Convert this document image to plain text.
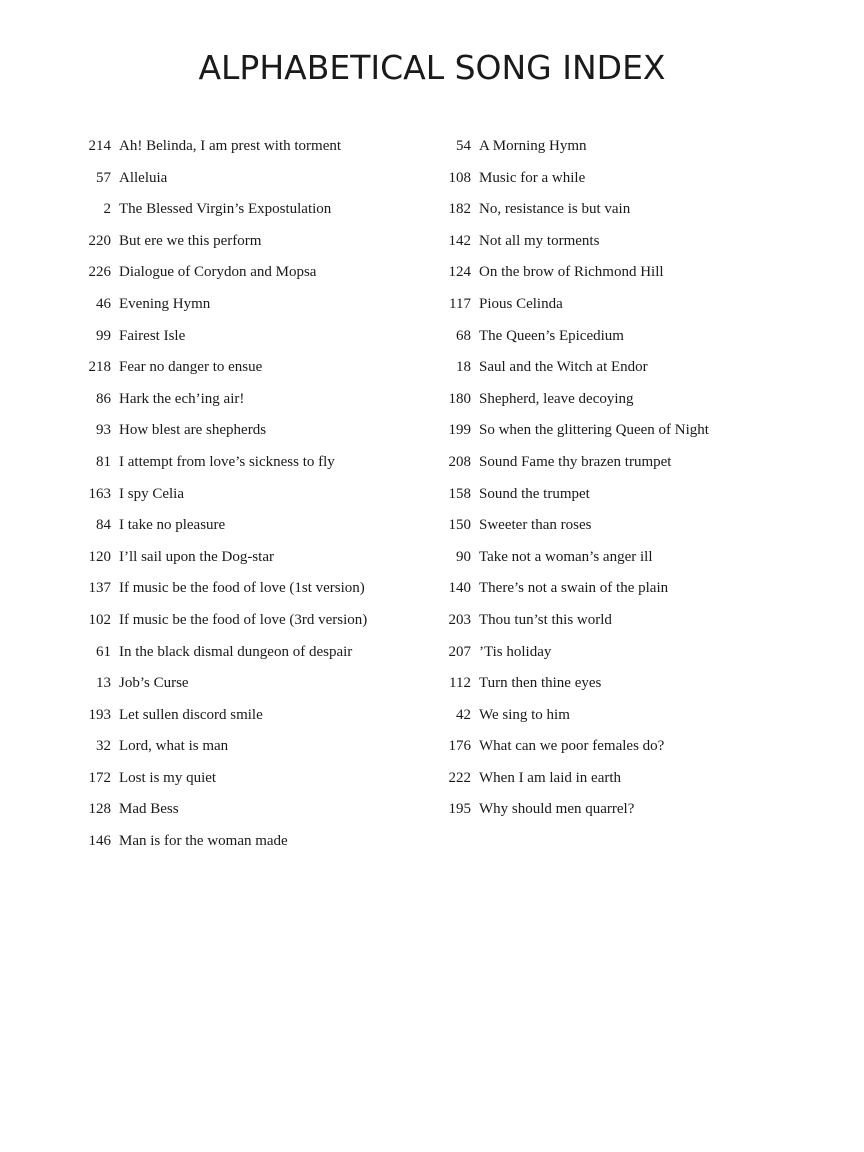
ALPHABETICAL SONG INDEX
214 Ah! Belinda, I am prest with torment
57 Alleluia
2 The Blessed Virgin’s Expostulation
220 But ere we this perform
226 Dialogue of Corydon and Mopsa
46 Evening Hymn
99 Fairest Isle
218 Fear no danger to ensue
86 Hark the ech’ing air!
93 How blest are shepherds
81 I attempt from love’s sickness to fly
163 I spy Celia
84 I take no pleasure
120 I’ll sail upon the Dog-star
137 If music be the food of love (1st version)
102 If music be the food of love (3rd version)
61 In the black dismal dungeon of despair
13 Job’s Curse
193 Let sullen discord smile
32 Lord, what is man
172 Lost is my quiet
128 Mad Bess
146 Man is for the woman made
54 A Morning Hymn
108 Music for a while
182 No, resistance is but vain
142 Not all my torments
124 On the brow of Richmond Hill
117 Pious Celinda
68 The Queen’s Epicedium
18 Saul and the Witch at Endor
180 Shepherd, leave decoying
199 So when the glittering Queen of Night
208 Sound Fame thy brazen trumpet
158 Sound the trumpet
150 Sweeter than roses
90 Take not a woman’s anger ill
140 There’s not a swain of the plain
203 Thou tun’st this world
207 ’Tis holiday
112 Turn then thine eyes
42 We sing to him
176 What can we poor females do?
222 When I am laid in earth
195 Why should men quarrel?
